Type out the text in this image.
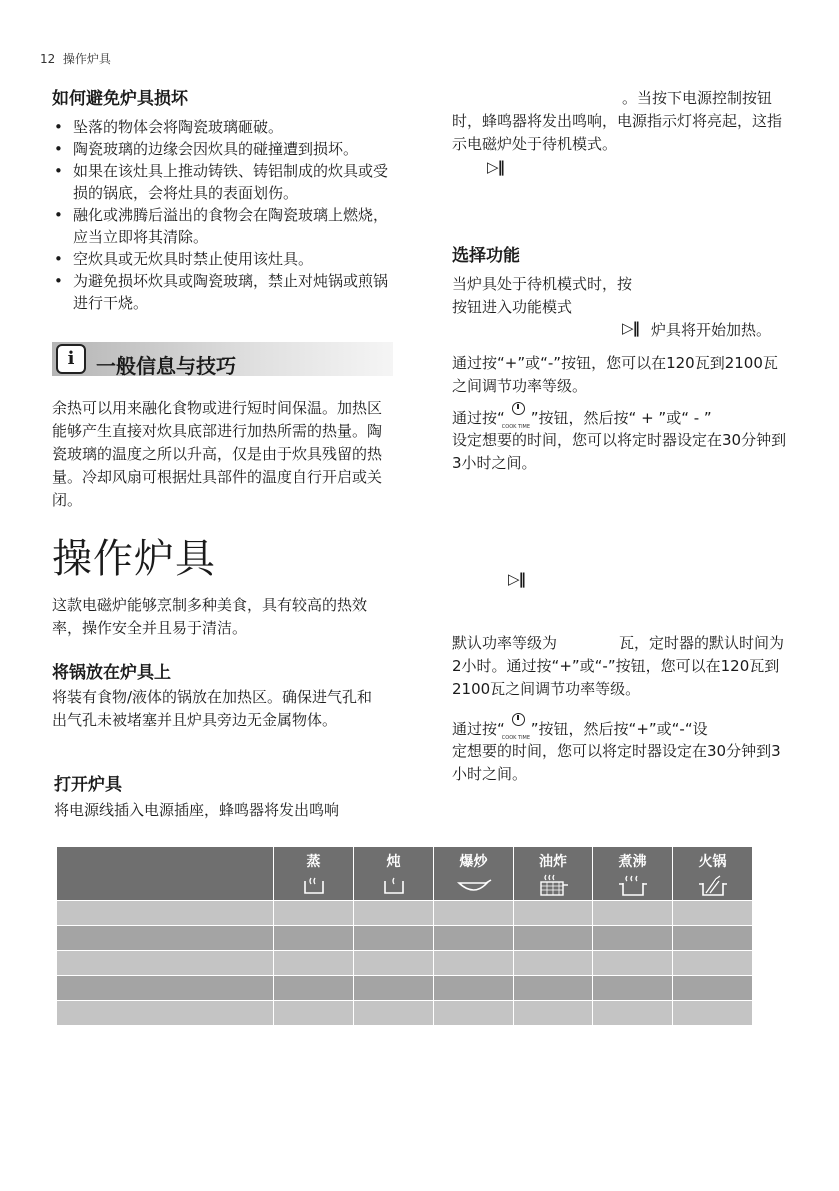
12 操作炉具
如何避免炉具损坏
• 坠落的物体会将陶瓷玻璃砸破。
• 陶瓷玻璃的边缘会因炊具的碰撞遭到损坏。
• 如果在该灶具上推动铸铁、铸铝制成的炊具或受损的锅底，会将灶具的表面划伤。
• 融化或沸腾后溢出的食物会在陶瓷玻璃上燃烧，应当立即将其清除。
• 空炊具或无炊具时禁止使用该灶具。
• 为避免损坏炊具或陶瓷玻璃，禁止对炖锅或煎锅进行干烧。
i	一般信息与技巧
余热可以用来融化食物或进行短时间保温。加热区能够产生直接对炊具底部进行加热所需的热量。陶瓷玻璃的温度之所以升高，仅是由于炊具残留的热量。冷却风扇可根据灶具部件的温度自行开启或关闭。
操作炉具
这款电磁炉能够烹制多种美食，具有较高的热效率，操作安全并且易于清洁。
将锅放在炉具上
将装有食物/液体的锅放在加热区。确保进气孔和出气孔未被堵塞并且炉具旁边无金属物体。
打开炉具
将电源线插入电源插座，蜂鸣器将发出鸣响
。当按下电源控制按钮时，蜂鸣器将发出鸣响，电源指示灯将亮起，这指示电磁炉处于待机模式。
▷‖
选择功能
当炉具处于待机模式时，按
按钮进入功能模式
▷‖ 炉具将开始加热。
通过按“+”或“-”按钮，您可以在120瓦到2100瓦之间调节功率等级。
通过按“
COOK TIME ”按钮，然后按“ + ”或“ - ”
设定想要的时间，您可以将定时器设定在30分钟到3小时之间。
▷‖
默认功率等级为	瓦，定时器的默认时间为2小时。通过按“+”或“-”按钮，您可以在120瓦到2100瓦之间调节功率等级。
通过按“
COOK TIME ”按钮，然后按“+”或“-“设
定想要的时间，您可以将定时器设定在30分钟到3小时之间。

	蒸	炖	爆炒	油炸	煮沸	火锅
